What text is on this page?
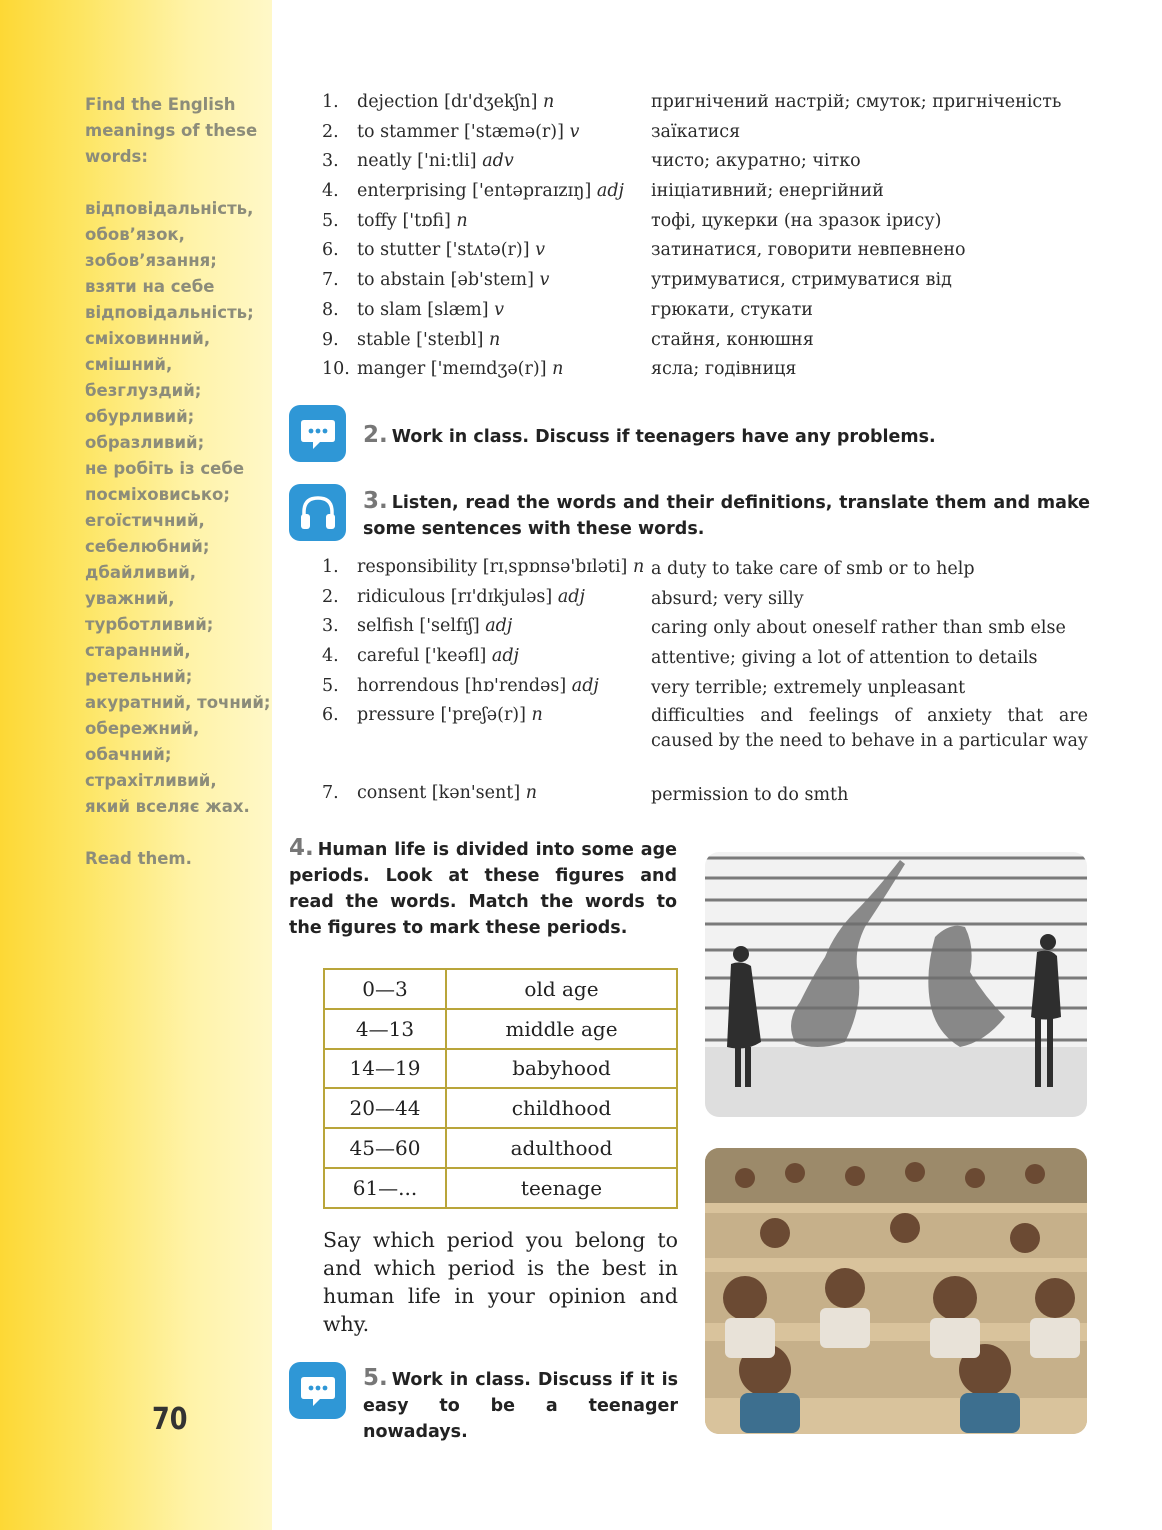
Find the English meanings of these words:
відповідальність,
обов’язок,
зобов’язання;
взяти на себе
відповідальність;
сміховинний,
смішний,
безглуздий;
обурливий;
образливий;
не робіть із себе
посміховиськo;
егоїстичний,
себелюбний;
дбайливий,
уважний,
турботливий;
старанний,
ретельний;
акуратний, точний;
обережний,
обачний;
страхітливий,
який вселяє жах.
Read them.
70
1.	dejection [dɪ'dʒekʃn] n	пригнічений настрій; смуток; пригніченість
2.	to stammer ['stæmə(r)] v	заїкатися
3.	neatly ['ni:tli] adv	чисто; акуратно; чітко
4.	enterprising ['entəpraɪzɪŋ] adj ініціативний; енергійний
5.	toffy ['tɒfi] n	тофі, цукерки (на зразок ірису)
6.	to stutter ['stʌtə(r)] v	затинатися, говорити невпевнено
7.	to abstain [əb'steɪn] v	утримуватися, стримуватися від
8.	to slam [slæm] v	грюкати, стукати
9.	stable ['steɪbl] n	стайня, конюшня
10. manger ['meɪndʒə(r)] n	ясла; годівниця
2. Work in class. Discuss if teenagers have any problems.
3. Listen, read the words and their definitions, translate them and make some sentences with these words.
1.	responsibility [rɪˌspɒnsə'bɪləti] n a duty to take care of smb or to help
2.	ridiculous [rɪ'dɪkjuləs] adj	absurd; very silly
3.	selfish ['selfɪʃ] adj	caring only about oneself rather than smb else
4.	careful ['keəfl] adj	attentive; giving a lot of attention to details
5.	horrendous [hɒ'rendəs] adj	very terrible; extremely unpleasant
6.	pressure ['preʃə(r)] n	difficulties and feelings of anxiety that are caused by the need to behave in a particular way
7.	consent [kən'sent] n	permission to do smth
4. Human life is divided into some age periods. Look at these figures and read the words. Match the words to the figures to mark these periods.
0—3	old age
4—13	middle age
14—19	babyhood
20—44	childhood
45—60	adulthood
61—...	teenage
Say which period you belong to and which period is the best in human life in your opinion and why.
5. Work in class. Discuss if it is easy to be a teenager nowadays.
